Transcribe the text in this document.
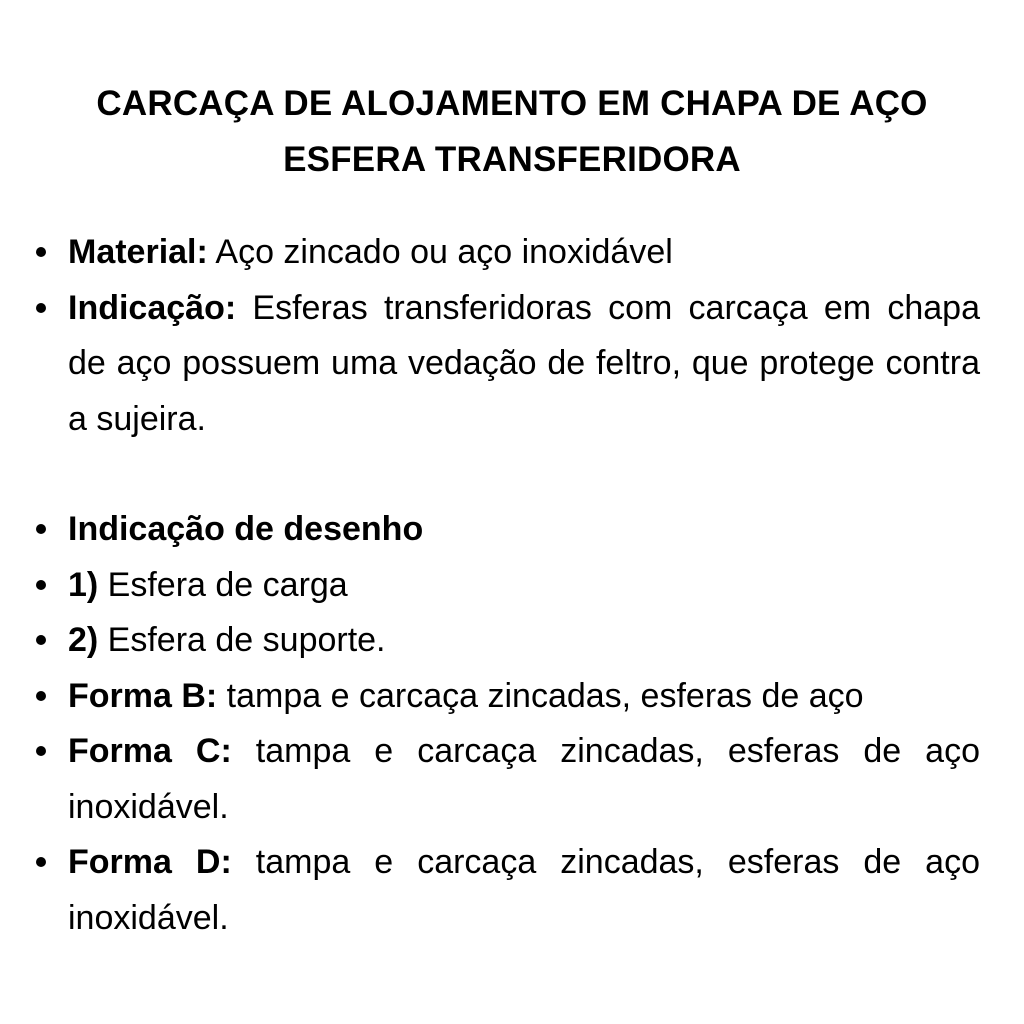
CARCAÇA DE ALOJAMENTO EM CHAPA DE AÇO
ESFERA TRANSFERIDORA
Material: Aço zincado ou aço inoxidável
Indicação: Esferas transferidoras com carcaça em chapa de aço possuem uma vedação de feltro, que protege contra a sujeira.
Indicação de desenho
1) Esfera de carga
2) Esfera de suporte.
Forma B: tampa e carcaça zincadas, esferas de aço
Forma C: tampa e carcaça zincadas, esferas de aço inoxidável.
Forma D: tampa e carcaça zincadas, esferas de aço inoxidável.
